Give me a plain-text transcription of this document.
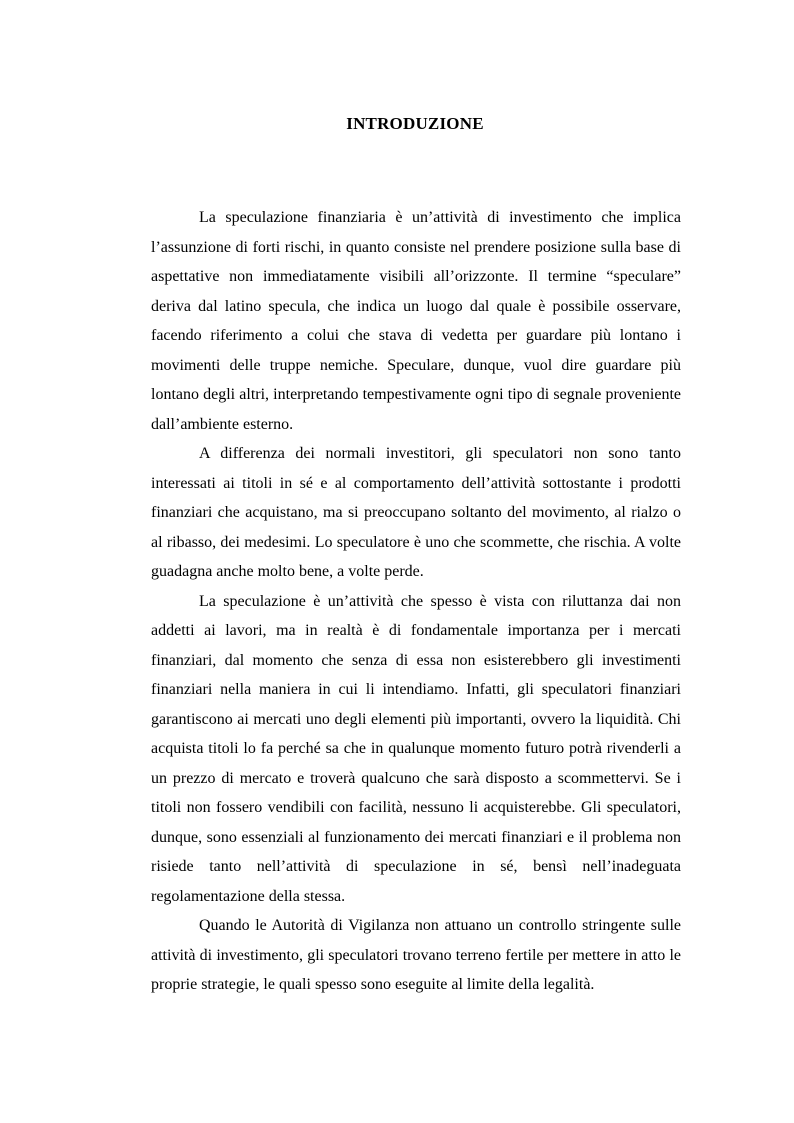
INTRODUZIONE

La speculazione finanziaria è un’attività di investimento che implica l’assunzione di forti rischi, in quanto consiste nel prendere posizione sulla base di aspettative non immediatamente visibili all’orizzonte. Il termine “speculare” deriva dal latino specula, che indica un luogo dal quale è possibile osservare, facendo riferimento a colui che stava di vedetta per guardare più lontano i movimenti delle truppe nemiche. Speculare, dunque, vuol dire guardare più lontano degli altri, interpretando tempestivamente ogni tipo di segnale proveniente dall’ambiente esterno.

A differenza dei normali investitori, gli speculatori non sono tanto interessati ai titoli in sé e al comportamento dell’attività sottostante i prodotti finanziari che acquistano, ma si preoccupano soltanto del movimento, al rialzo o al ribasso, dei medesimi. Lo speculatore è uno che scommette, che rischia. A volte guadagna anche molto bene, a volte perde.

La speculazione è un’attività che spesso è vista con riluttanza dai non addetti ai lavori, ma in realtà è di fondamentale importanza per i mercati finanziari, dal momento che senza di essa non esisterebbero gli investimenti finanziari nella maniera in cui li intendiamo. Infatti, gli speculatori finanziari garantiscono ai mercati uno degli elementi più importanti, ovvero la liquidità. Chi acquista titoli lo fa perché sa che in qualunque momento futuro potrà rivenderli a un prezzo di mercato e troverà qualcuno che sarà disposto a scommettervi. Se i titoli non fossero vendibili con facilità, nessuno li acquisterebbe. Gli speculatori, dunque, sono essenziali al funzionamento dei mercati finanziari e il problema non risiede tanto nell’attività di speculazione in sé, bensì nell’inadeguata regolamentazione della stessa.

Quando le Autorità di Vigilanza non attuano un controllo stringente sulle attività di investimento, gli speculatori trovano terreno fertile per mettere in atto le proprie strategie, le quali spesso sono eseguite al limite della legalità.
